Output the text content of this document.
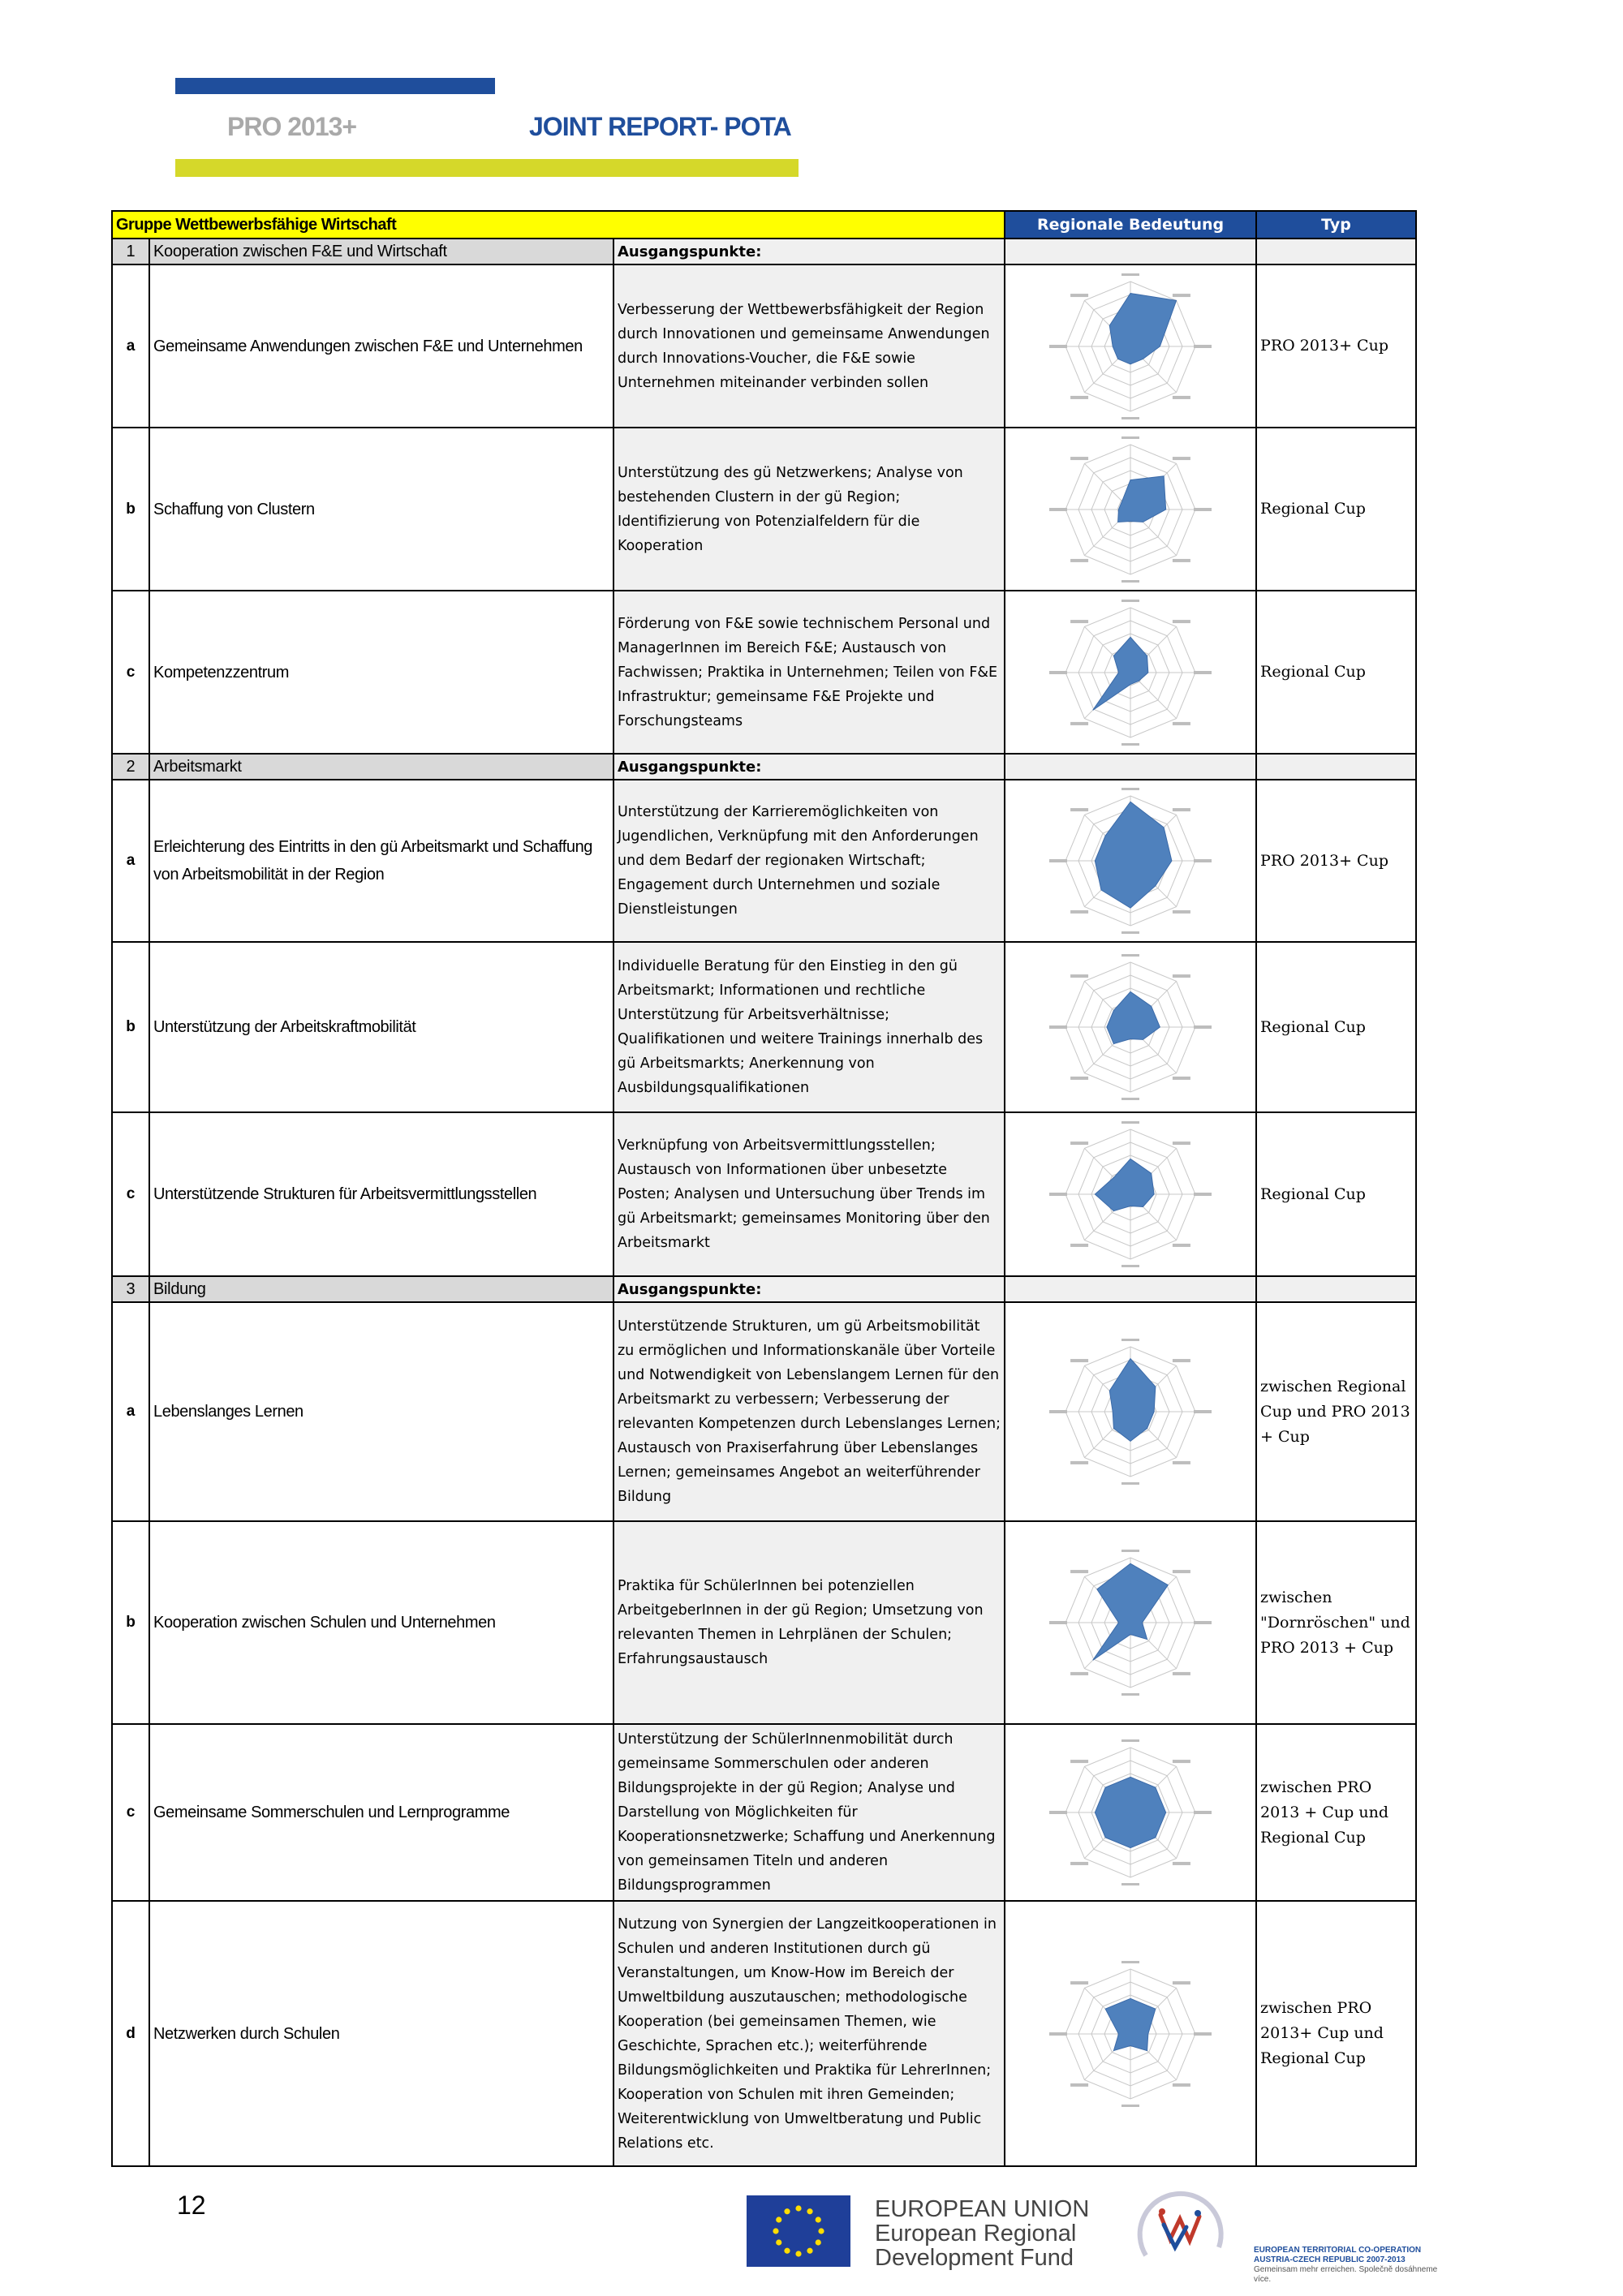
PRO 2013+	JOINT REPORT- POTA
Gruppe Wettbewerbsfähige Wirtschaft			Regionale Bedeutung	Typ
1	Kooperation zwischen F&E und Wirtschaft	Ausgangspunkte:		
a	Gemeinsame Anwendungen zwischen F&E und Unternehmen	Verbesserung der Wettbewerbsfähigkeit der Region durch Innovationen und gemeinsame Anwendungen durch Innovations-Voucher, die F&E sowie Unternehmen miteinander verbinden sollen		PRO 2013+ Cup
b	Schaffung von Clustern	Unterstützung des gü Netzwerkens; Analyse von bestehenden Clustern in der gü Region; Identifizierung von Potenzialfeldern für die Kooperation		Regional Cup
c	Kompetenzzentrum	Förderung von F&E sowie technischem Personal und ManagerInnen im Bereich F&E; Austausch von Fachwissen; Praktika in Unternehmen; Teilen von F&E Infrastruktur; gemeinsame F&E Projekte und Forschungsteams		Regional Cup
2	Arbeitsmarkt	Ausgangspunkte:		
a	Erleichterung des Eintritts in den gü Arbeitsmarkt und Schaffung von Arbeitsmobilität in der Region	Unterstützung der Karrieremöglichkeiten von Jugendlichen, Verknüpfung mit den Anforderungen und dem Bedarf der regionaken Wirtschaft; Engagement durch Unternehmen und soziale Dienstleistungen		PRO 2013+ Cup
b	Unterstützung der Arbeitskraftmobilität	Individuelle Beratung für den Einstieg in den gü Arbeitsmarkt; Informationen und rechtliche Unterstützung für Arbeitsverhältnisse; Qualifikationen und weitere Trainings innerhalb des gü Arbeitsmarkts; Anerkennung von Ausbildungsqualifikationen		Regional Cup
c	Unterstützende Strukturen für Arbeitsvermittlungsstellen	Verknüpfung von Arbeitsvermittlungsstellen; Austausch von Informationen über unbesetzte Posten; Analysen und Untersuchung über Trends im gü Arbeitsmarkt; gemeinsames Monitoring über den Arbeitsmarkt		Regional Cup
3	Bildung	Ausgangspunkte:		
a	Lebenslanges Lernen	Unterstützende Strukturen, um gü Arbeitsmobilität zu ermöglichen und Informationskanäle über Vorteile und Notwendigkeit von Lebenslangem Lernen für den Arbeitsmarkt zu verbessern; Verbesserung der relevanten Kompetenzen durch Lebenslanges Lernen; Austausch von Praxiserfahrung über Lebenslanges Lernen; gemeinsames Angebot an weiterführender Bildung		zwischen Regional Cup und PRO 2013 + Cup
b	Kooperation zwischen Schulen und Unternehmen	Praktika für SchülerInnen bei potenziellen ArbeitgeberInnen in der gü Region; Umsetzung von relevanten Themen in Lehrplänen der Schulen; Erfahrungsaustausch		zwischen "Dornröschen" und PRO 2013 + Cup
c	Gemeinsame Sommerschulen und Lernprogramme	Unterstützung der SchülerInnenmobilität durch gemeinsame Sommerschulen oder anderen Bildungsprojekte in der gü Region; Analyse und Darstellung von Möglichkeiten für Kooperationsnetzwerke; Schaffung und Anerkennung von gemeinsamen Titeln und anderen Bildungsprogrammen		zwischen PRO 2013 + Cup und Regional Cup
d	Netzwerken durch Schulen	Nutzung von Synergien der Langzeitkooperationen in Schulen und anderen Institutionen durch gü Veranstaltungen, um Know-How im Bereich der Umweltbildung auszutauschen; methodologische Kooperation (bei gemeinsamen Themen, wie Geschichte, Sprachen etc.); weiterführende Bildungsmöglichkeiten und Praktika für LehrerInnen; Kooperation von Schulen mit ihren Gemeinden; Weiterentwicklung von Umweltberatung und Public Relations etc.		zwischen PRO 2013+ Cup und Regional Cup
12	EUROPEAN UNION
European Regional
Development Fund	EUROPEAN TERRITORIAL CO-OPERATION
AUSTRIA-CZECH REPUBLIC 2007-2013
Gemeinsam mehr erreichen. Společně dosáhneme více.
